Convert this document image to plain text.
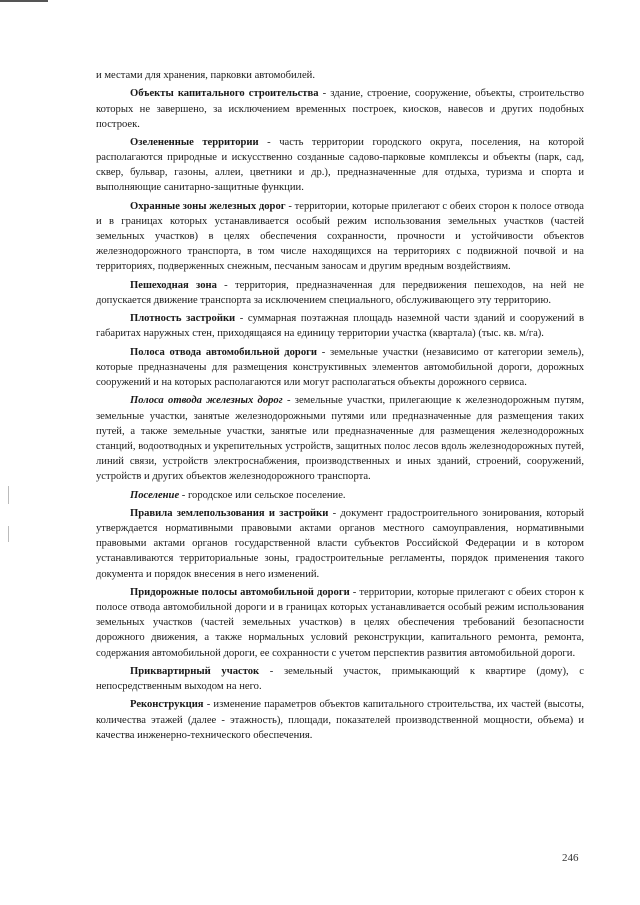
и местами для хранения, парковки автомобилей.

Объекты капитального строительства - здание, строение, сооружение, объекты, строительство которых не завершено, за исключением временных построек, киосков, навесов и других подобных построек.

Озелененные территории - часть территории городского округа, поселения, на которой располагаются природные и искусственно созданные садово-парковые комплексы и объекты (парк, сад, сквер, бульвар, газоны, аллеи, цветники и др.), предназначенные для отдыха, туризма и спорта и выполняющие санитарно-защитные функции.

Охранные зоны железных дорог - территории, которые прилегают с обеих сторон к полосе отвода и в границах которых устанавливается особый режим использования земельных участков (частей земельных участков) в целях обеспечения сохранности, прочности и устойчивости объектов железнодорожного транспорта, в том числе находящихся на территориях с подвижной почвой и на территориях, подверженных снежным, песчаным заносам и другим вредным воздействиям.

Пешеходная зона - территория, предназначенная для передвижения пешеходов, на ней не допускается движение транспорта за исключением специального, обслуживающего эту территорию.

Плотность застройки - суммарная поэтажная площадь наземной части зданий и сооружений в габаритах наружных стен, приходящаяся на единицу территории участка (квартала) (тыс. кв. м/га).

Полоса отвода автомобильной дороги - земельные участки (независимо от категории земель), которые предназначены для размещения конструктивных элементов автомобильной дороги, дорожных сооружений и на которых располагаются или могут располагаться объекты дорожного сервиса.

Полоса отвода железных дорог - земельные участки, прилегающие к железнодорожным путям, земельные участки, занятые железнодорожными путями или предназначенные для размещения таких путей, а также земельные участки, занятые или предназначенные для размещения железнодорожных станций, водоотводных и укрепительных устройств, защитных полос лесов вдоль железнодорожных путей, линий связи, устройств электроснабжения, производственных и иных зданий, строений, сооружений, устройств и других объектов железнодорожного транспорта.

Поселение - городское или сельское поселение.

Правила землепользования и застройки - документ градостроительного зонирования, который утверждается нормативными правовыми актами органов местного самоуправления, нормативными правовыми актами органов государственной власти субъектов Российской Федерации и в котором устанавливаются территориальные зоны, градостроительные регламенты, порядок применения такого документа и порядок внесения в него изменений.

Придорожные полосы автомобильной дороги - территории, которые прилегают с обеих сторон к полосе отвода автомобильной дороги и в границах которых устанавливается особый режим использования земельных участков (частей земельных участков) в целях обеспечения требований безопасности дорожного движения, а также нормальных условий реконструкции, капитального ремонта, ремонта, содержания автомобильной дороги, ее сохранности с учетом перспектив развития автомобильной дороги.

Приквартирный участок - земельный участок, примыкающий к квартире (дому), с непосредственным выходом на него.

Реконструкция - изменение параметров объектов капитального строительства, их частей (высоты, количества этажей (далее - этажность), площади, показателей производственной мощности, объема) и качества инженерно-технического обеспечения.

246
